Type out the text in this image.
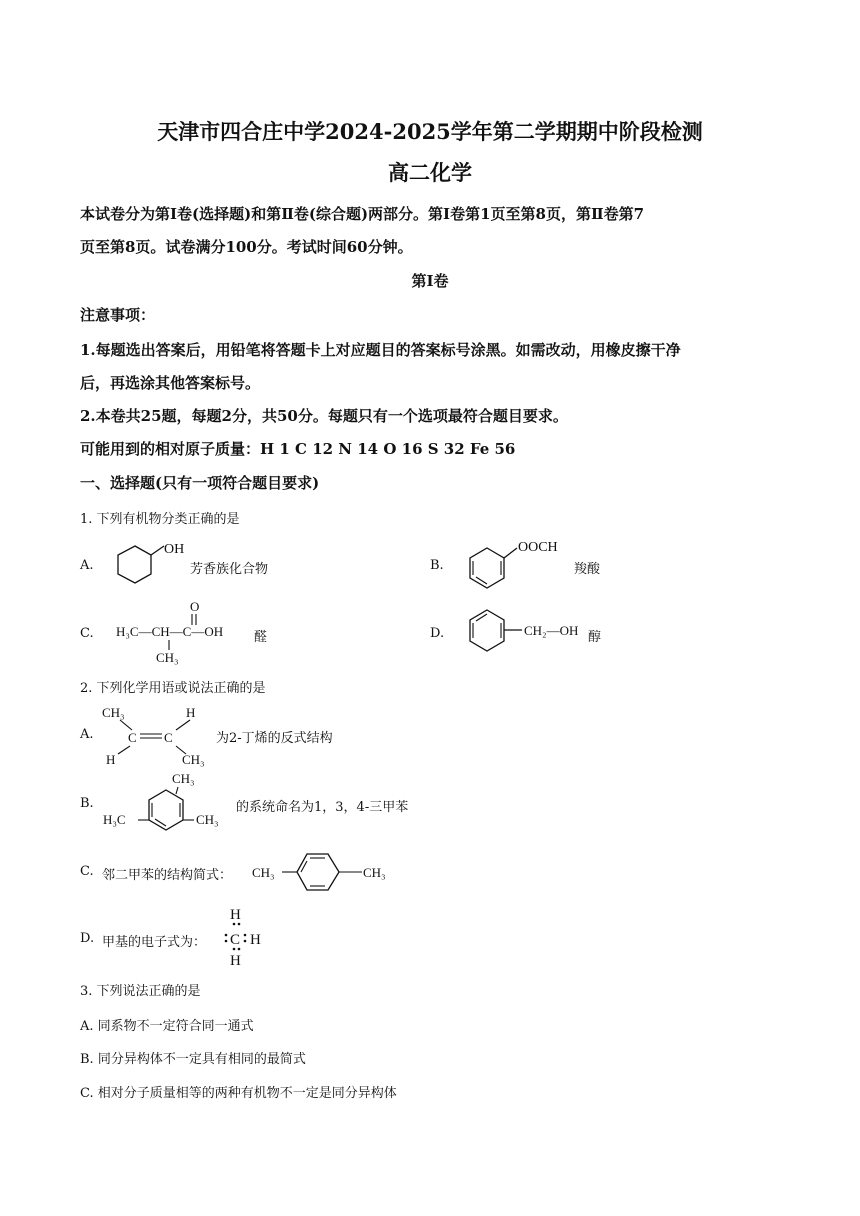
天津市四合庄中学2024-2025学年第二学期期中阶段检测
高二化学
本试卷分为第Ⅰ卷(选择题)和第Ⅱ卷(综合题)两部分。第Ⅰ卷第1页至第8页，第Ⅱ卷第7
页至第8页。试卷满分100分。考试时间60分钟。
第Ⅰ卷
注意事项：
1.每题选出答案后，用铅笔将答题卡上对应题目的答案标号涂黑。如需改动，用橡皮擦干净
后，再选涂其他答案标号。
2.本卷共25题，每题2分，共50分。每题只有一个选项最符合题目要求。
可能用到的相对原子质量：H 1 C 12 N 14 O 16 S 32 Fe 56
一、选择题(只有一项符合题目要求)
1. 下列有机物分类正确的是
A.
OH
芳香族化合物	B.
OOCH
羧酸
C.
O
H₃C—CH—C—OH
CH₃
醛	D.	CH₂—OH 醇
2. 下列化学用语或说法正确的是
A.
CH₃	H
C C
H	CH₃
为2-丁烯的反式结构
B.
CH₃
H₃C	CH₃
的系统命名为1，3，4-三甲苯
C. 邻二甲苯的结构简式： CH₃	CH₃
D. 甲基的电子式为：
H
C H
H
3. 下列说法正确的是
A. 同系物不一定符合同一通式
B. 同分异构体不一定具有相同的最简式
C. 相对分子质量相等的两种有机物不一定是同分异构体
